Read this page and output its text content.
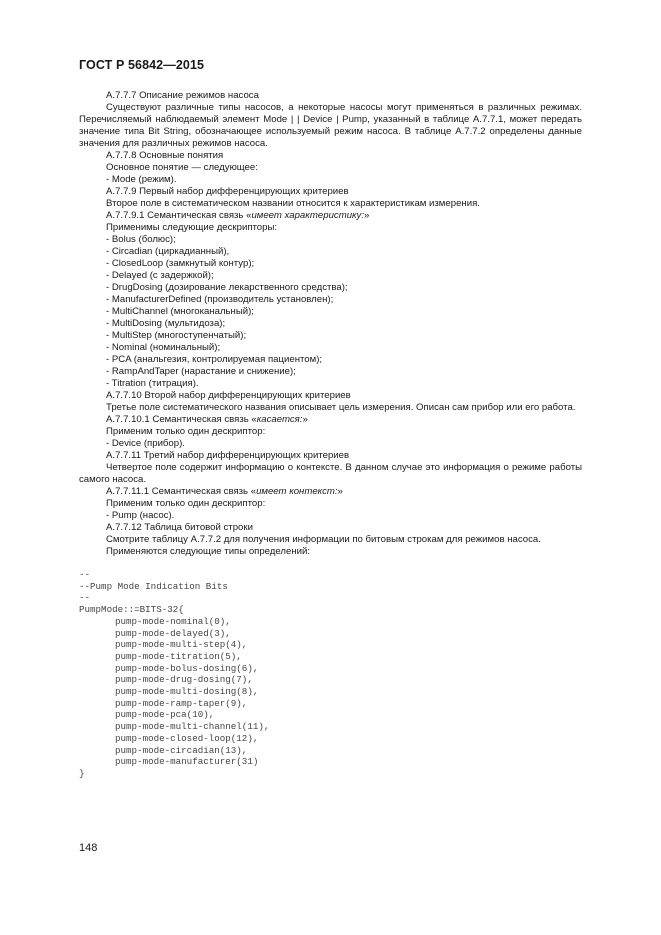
ГОСТ Р 56842—2015

A.7.7.7 Описание режимов насоса

Существуют различные типы насосов, а некоторые насосы могут применяться в различных режимах. Перечисляемый наблюдаемый элемент Mode | | Device | Pump, указанный в таблице А.7.7.1, может передать значение типа Bit String, обозначающее используемый режим насоса. В таблице А.7.7.2 определены данные значения для различных режимов насоса.

A.7.7.8 Основные понятия

Основное понятие — следующее:

- Mode (режим).

A.7.7.9 Первый набор дифференцирующих критериев

Второе поле в систематическом названии относится к характеристикам измерения.

A.7.7.9.1 Семантическая связь «имеет характеристику:»

Применимы следующие дескрипторы:

- Bolus (болюс);

- Circadian (циркадианный),

- ClosedLoop (замкнутый контур);

- Delayed (с задержкой);

- DrugDosing (дозирование лекарственного средства);

- ManufacturerDefined (производитель установлен);

- MultiChannel (многоканальный);

- MultiDosing (мультидоза);

- MultiStep (многоступенчатый);

- Nominal (номинальный);

- PCA (анальгезия, контролируемая пациентом);

- RampAndTaper (нарастание и снижение);

- Titration (титрация).

A.7.7.10 Второй набор дифференцирующих критериев

Третье поле систематического названия описывает цель измерения. Описан сам прибор или его работа.

A.7.7.10.1 Семантическая связь «касается:»

Применим только один дескриптор:

- Device (прибор).

A.7.7.11 Третий набор дифференцирующих критериев

Четвертое поле содержит информацию о контексте. В данном случае это информация о режиме работы самого насоса.

A.7.7.11.1 Семантическая связь «имеет контекст:»

Применим только один дескриптор:

- Pump (насос).

A.7.7.12 Таблица битовой строки

Смотрите таблицу А.7.7.2 для получения информации по битовым строкам для режимов насоса.

Применяются следующие типы определений:

--
--Pump Mode Indication Bits
--
PumpMode::=BITS-32{
pump-mode-nominal(0),
pump-mode-delayed(3),
pump-mode-multi-step(4),
pump-mode-titration(5),
pump-mode-bolus-dosing(6),
pump-mode-drug-dosing(7),
pump-mode-multi-dosing(8),
pump-mode-ramp-taper(9),
pump-mode-pca(10),
pump-mode-multi-channel(11),
pump-mode-closed-loop(12),
pump-mode-circadian(13),
pump-mode-manufacturer(31)
}
148
